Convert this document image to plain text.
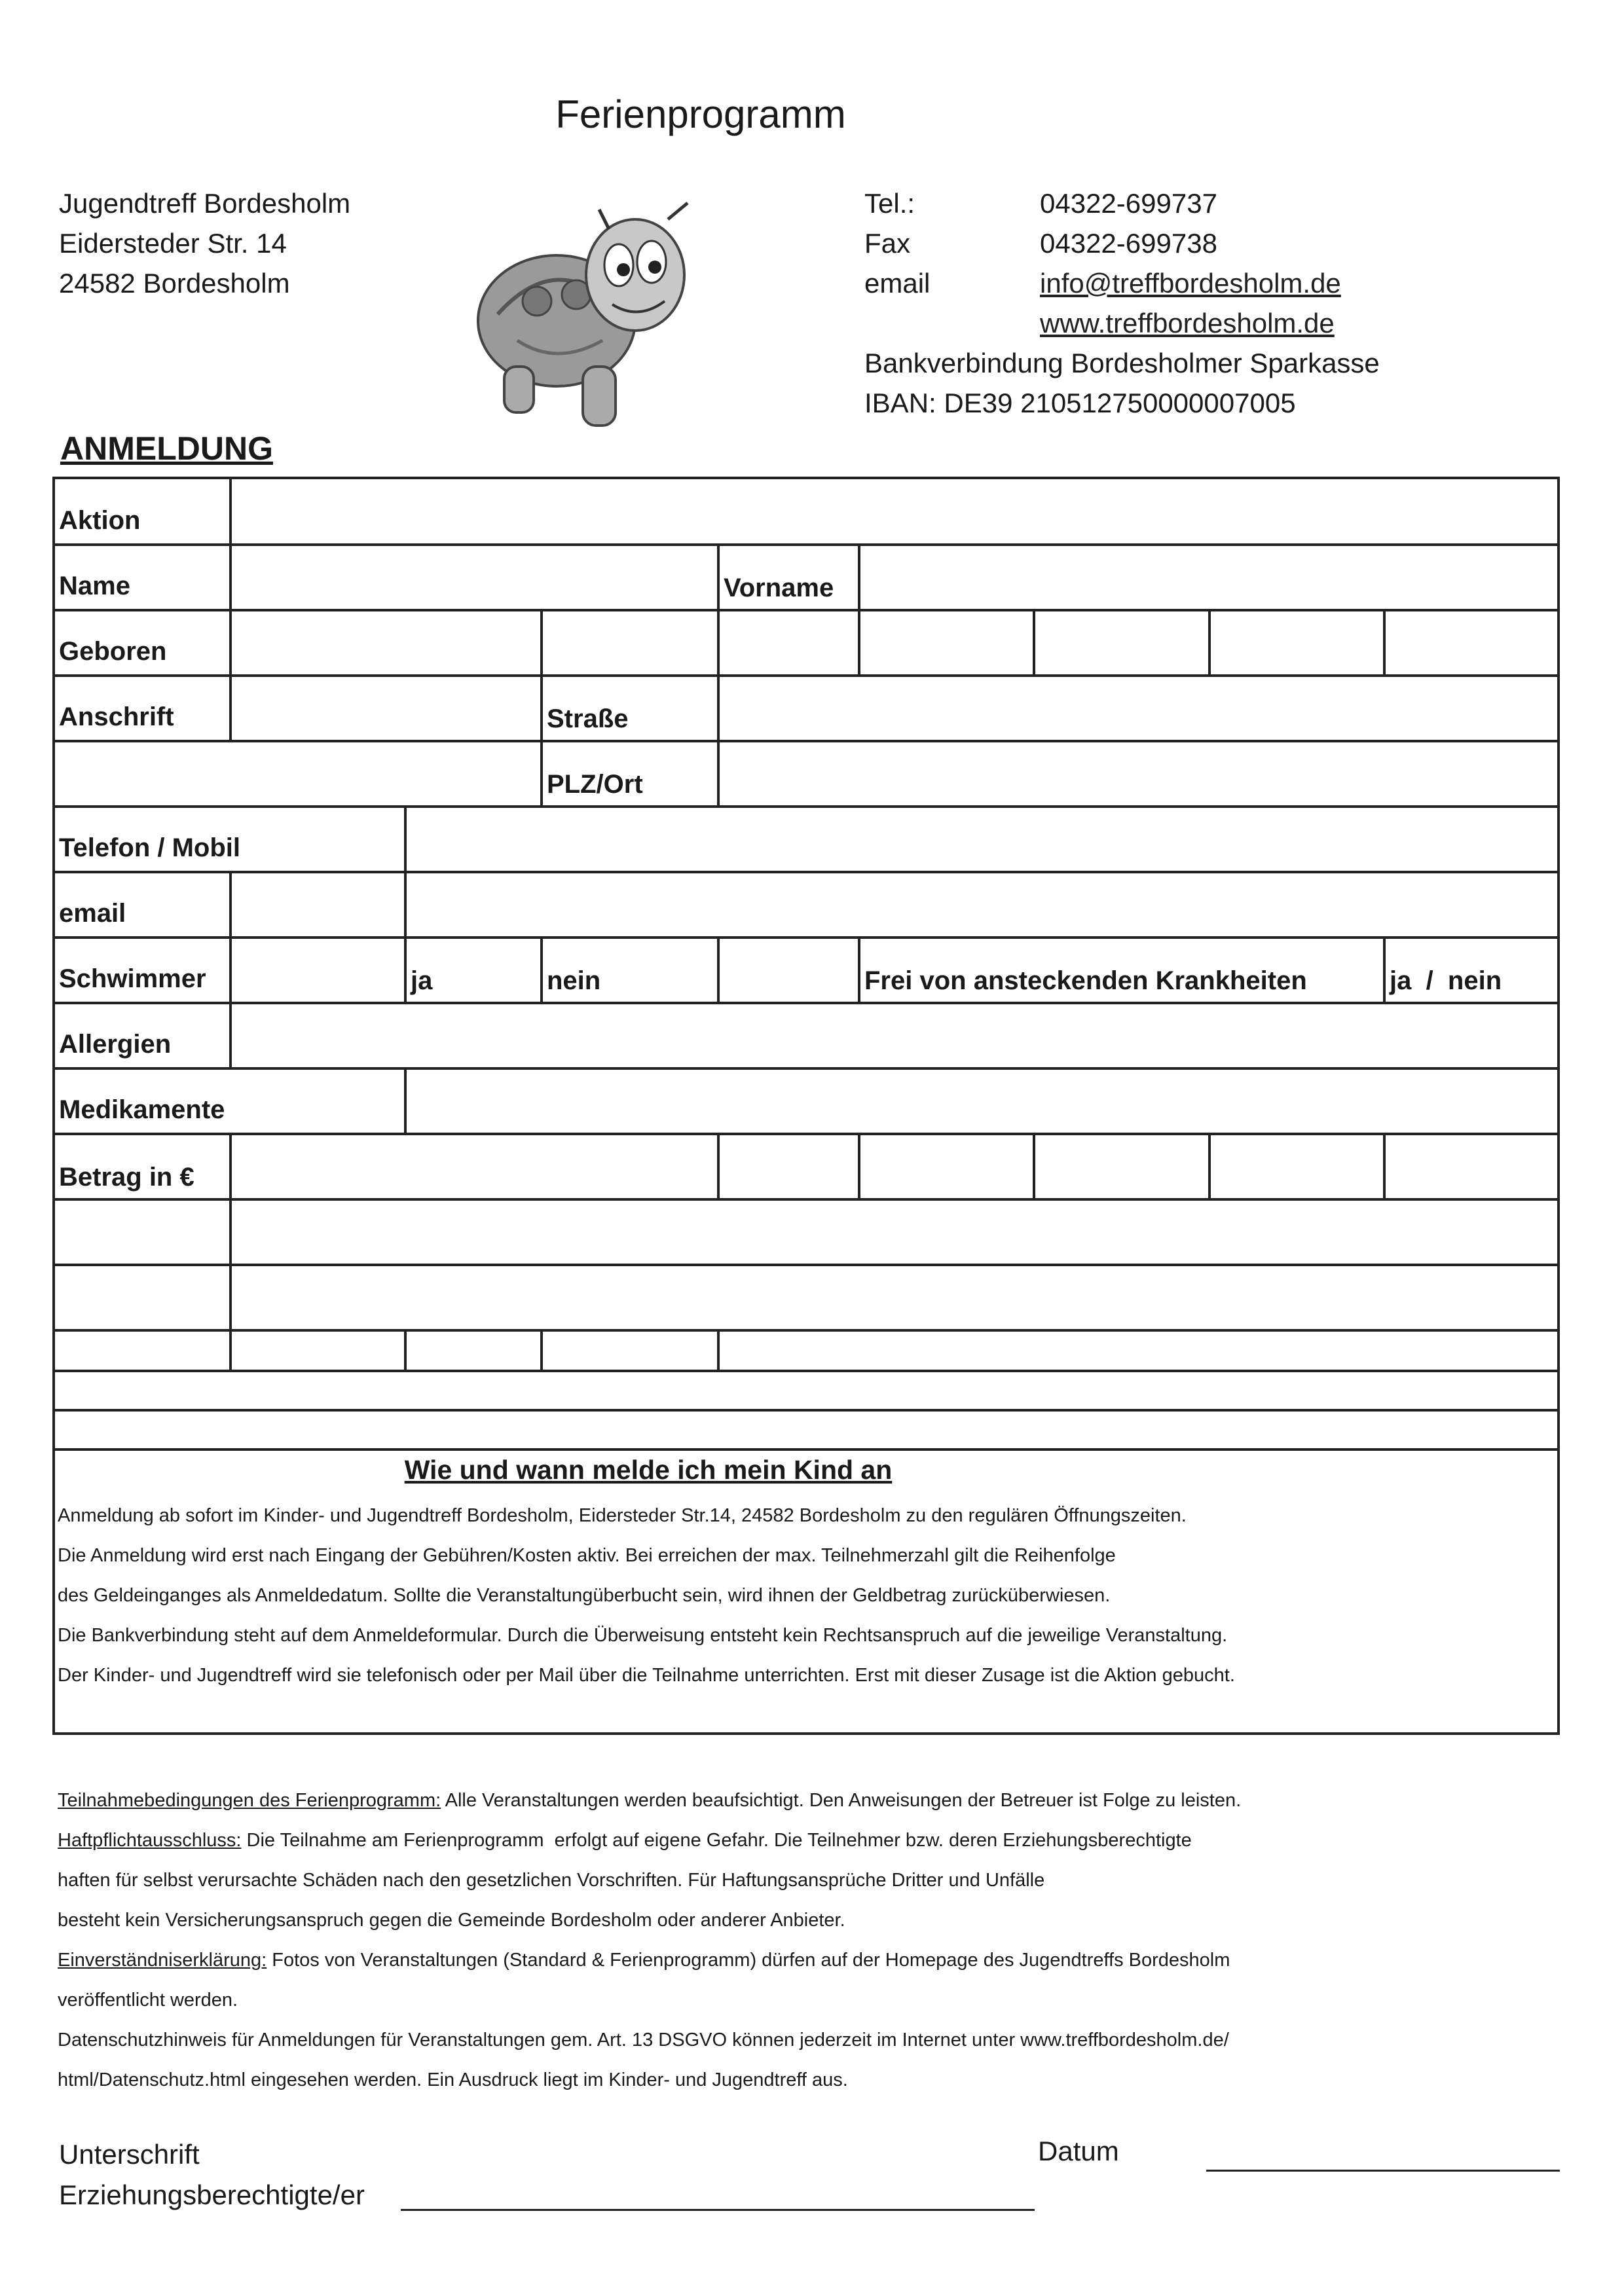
Ferienprogramm
Jugendtreff Bordesholm
Eidersteder Str. 14
24582 Bordesholm
Tel.:	04322-699737
Fax	04322-699738
email	info@treffbordesholm.de
www.treffbordesholm.de
Bankverbindung Bordesholmer Sparkasse
IBAN: DE39 210512750000007005
ANMELDUNG
Aktion
Name	Vorname
Geboren
Anschrift	Straße
PLZ/Ort
Telefon / Mobil
email
Schwimmer	ja	nein	Frei von ansteckenden Krankheiten	ja  /  nein
Allergien
Medikamente
Betrag in €
Wie und wann melde ich mein Kind an
Anmeldung ab sofort im Kinder- und Jugendtreff Bordesholm, Eidersteder Str.14, 24582 Bordesholm zu den regulären Öffnungszeiten.
Die Anmeldung wird erst nach Eingang der Gebühren/Kosten aktiv. Bei erreichen der max. Teilnehmerzahl gilt die Reihenfolge
des Geldeinganges als Anmeldedatum. Sollte die Veranstaltungüberbucht sein, wird ihnen der Geldbetrag zurücküberwiesen.
Die Bankverbindung steht auf dem Anmeldeformular. Durch die Überweisung entsteht kein Rechtsanspruch auf die jeweilige Veranstaltung.
Der Kinder- und Jugendtreff wird sie telefonisch oder per Mail über die Teilnahme unterrichten. Erst mit dieser Zusage ist die Aktion gebucht.
Teilnahmebedingungen des Ferienprogramm: Alle Veranstaltungen werden beaufsichtigt. Den Anweisungen der Betreuer ist Folge zu leisten.
Haftpflichtausschluss: Die Teilnahme am Ferienprogramm  erfolgt auf eigene Gefahr. Die Teilnehmer bzw. deren Erziehungsberechtigte
haften für selbst verursachte Schäden nach den gesetzlichen Vorschriften. Für Haftungsansprüche Dritter und Unfälle
besteht kein Versicherungsanspruch gegen die Gemeinde Bordesholm oder anderer Anbieter.
Einverständniserklärung: Fotos von Veranstaltungen (Standard & Ferienprogramm) dürfen auf der Homepage des Jugendtreffs Bordesholm
veröffentlicht werden.
Datenschutzhinweis für Anmeldungen für Veranstaltungen gem. Art. 13 DSGVO können jederzeit im Internet unter www.treffbordesholm.de/
html/Datenschutz.html eingesehen werden. Ein Ausdruck liegt im Kinder- und Jugendtreff aus.
Unterschrift
Erziehungsberechtigte/er
Datum
